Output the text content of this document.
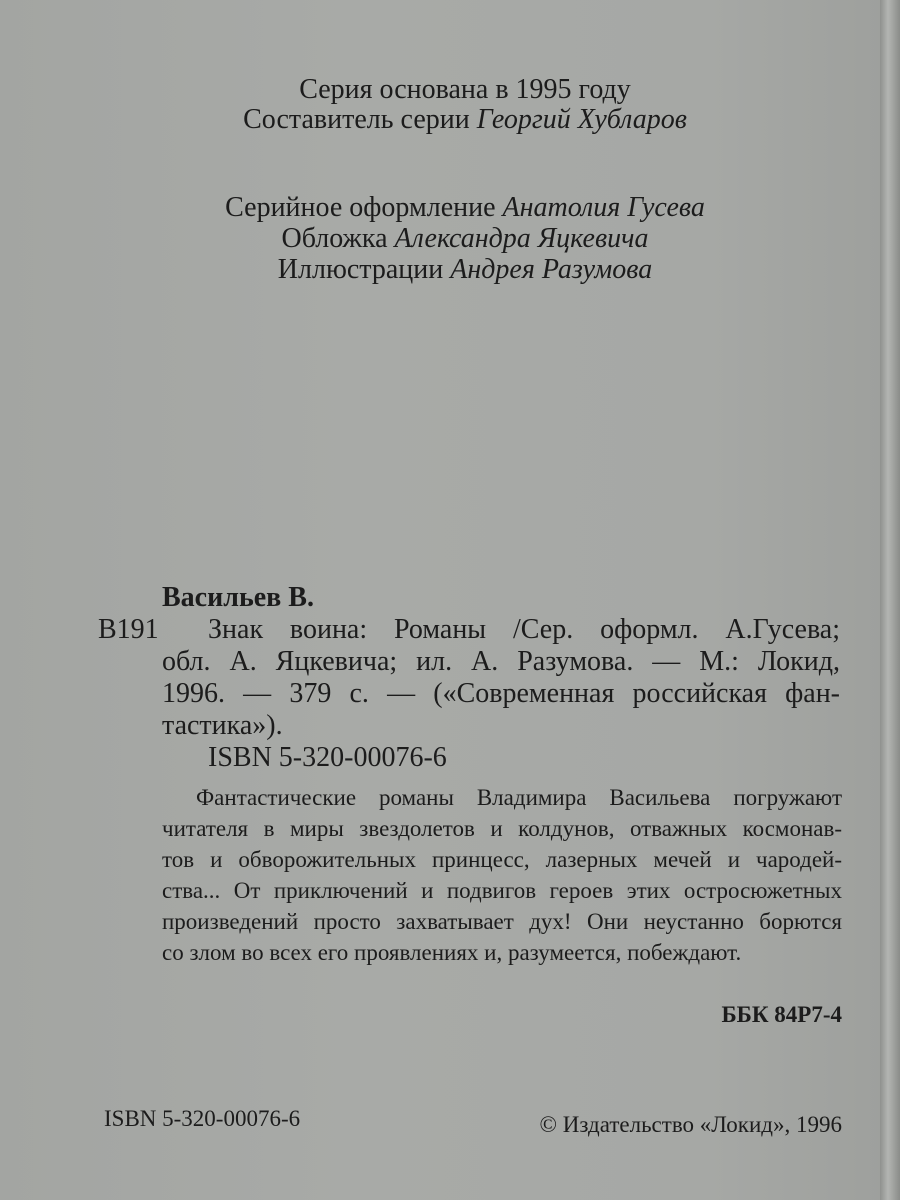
Серия основана в 1995 году
Составитель серии Георгий Хубларов
Серийное оформление Анатолия Гусева
Обложка Александра Яцкевича
Иллюстрации Андрея Разумова
Васильев В.
В191 Знак воина: Романы /Сер. оформл. А.Гусева;
обл. А. Яцкевича; ил. А. Разумова. — М.: Локид,
1996. — 379 с. — («Современная российская фан-
тастика»).
ISBN 5-320-00076-6
Фантастические романы Владимира Васильева погружают
читателя в миры звездолетов и колдунов, отважных космонав-
тов и обворожительных принцесс, лазерных мечей и чародей-
ства... От приключений и подвигов героев этих остросюжетных
произведений просто захватывает дух! Они неустанно борются
со злом во всех его проявлениях и, разумеется, побеждают.
ББК 84Р7-4
ISBN 5-320-00076-6	© Издательство «Локид», 1996
